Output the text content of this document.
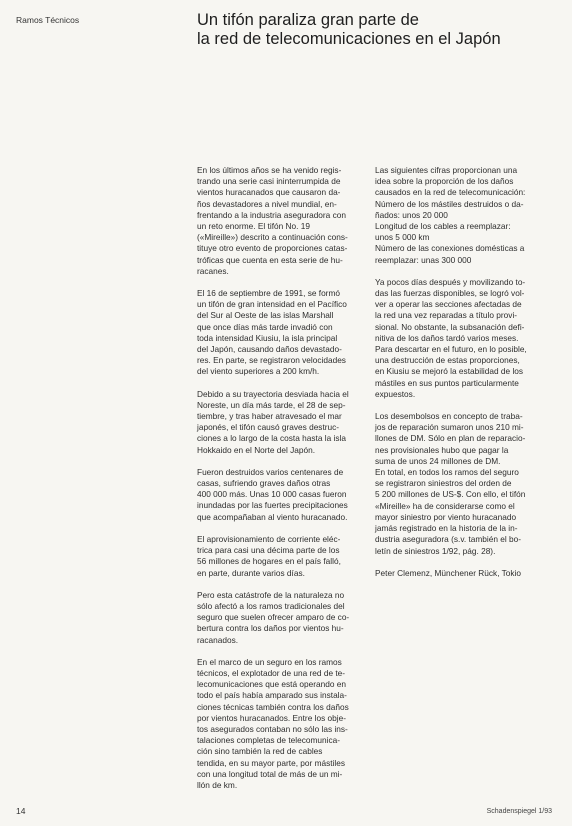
Ramos Técnicos	Un tifón paraliza gran parte de
la red de telecomunicaciones en el Japón

En los últimos años se ha venido regis-
trando una serie casi ininterrumpida de
vientos huracanados que causaron da-
ños devastadores a nivel mundial, en-
frentando a la industria aseguradora con
un reto enorme. El tifón No. 19
(«Mireille») descrito a continuación cons-
tituye otro evento de proporciones catas-
tróficas que cuenta en esta serie de hu-
racanes.

El 16 de septiembre de 1991, se formó
un tifón de gran intensidad en el Pacífico
del Sur al Oeste de las islas Marshall
que once días más tarde invadió con
toda intensidad Kiusiu, la isla principal
del Japón, causando daños devastado-
res. En parte, se registraron velocidades
del viento superiores a 200 km/h.

Debido a su trayectoria desviada hacia el
Noreste, un día más tarde, el 28 de sep-
tiembre, y tras haber atravesado el mar
japonés, el tifón causó graves destruc-
ciones a lo largo de la costa hasta la isla
Hokkaido en el Norte del Japón.

Fueron destruidos varios centenares de
casas, sufriendo graves daños otras
400 000 más. Unas 10 000 casas fueron
inundadas por las fuertes precipitaciones
que acompañaban al viento huracanado.

El aprovisionamiento de corriente eléc-
trica para casi una décima parte de los
56 millones de hogares en el país falló,
en parte, durante varios días.

Pero esta catástrofe de la naturaleza no
sólo afectó a los ramos tradicionales del
seguro que suelen ofrecer amparo de co-
bertura contra los daños por vientos hu-
racanados.

En el marco de un seguro en los ramos
técnicos, el explotador de una red de te-
lecomunicaciones que está operando en
todo el país había amparado sus instala-
ciones técnicas también contra los daños
por vientos huracanados. Entre los obje-
tos asegurados contaban no sólo las ins-
talaciones completas de telecomunica-
ción sino también la red de cables
tendida, en su mayor parte, por mástiles
con una longitud total de más de un mi-
llón de km.

Las siguientes cifras proporcionan una
idea sobre la proporción de los daños
causados en la red de telecomunicación:
Número de los mástiles destruidos o da-
ñados: unos 20 000
Longitud de los cables a reemplazar:
unos 5 000 km
Número de las conexiones domésticas a
reemplazar: unas 300 000

Ya pocos días después y movilizando to-
das las fuerzas disponibles, se logró vol-
ver a operar las secciones afectadas de
la red una vez reparadas a título provi-
sional. No obstante, la subsanación defi-
nitiva de los daños tardó varios meses.
Para descartar en el futuro, en lo posible,
una destrucción de estas proporciones,
en Kiusiu se mejoró la estabilidad de los
mástiles en sus puntos particularmente
expuestos.

Los desembolsos en concepto de traba-
jos de reparación sumaron unos 210 mi-
llones de DM. Sólo en plan de reparacio-
nes provisionales hubo que pagar la
suma de unos 24 millones de DM.
En total, en todos los ramos del seguro
se registraron siniestros del orden de
5 200 millones de US-$. Con ello, el tifón
«Mireille» ha de considerarse como el
mayor siniestro por viento huracanado
jamás registrado en la historia de la in-
dustria aseguradora (s.v. también el bo-
letín de siniestros 1/92, pág. 28).

Peter Clemenz, Münchener Rück, Tokio

14	Schadenspiegel 1/93
